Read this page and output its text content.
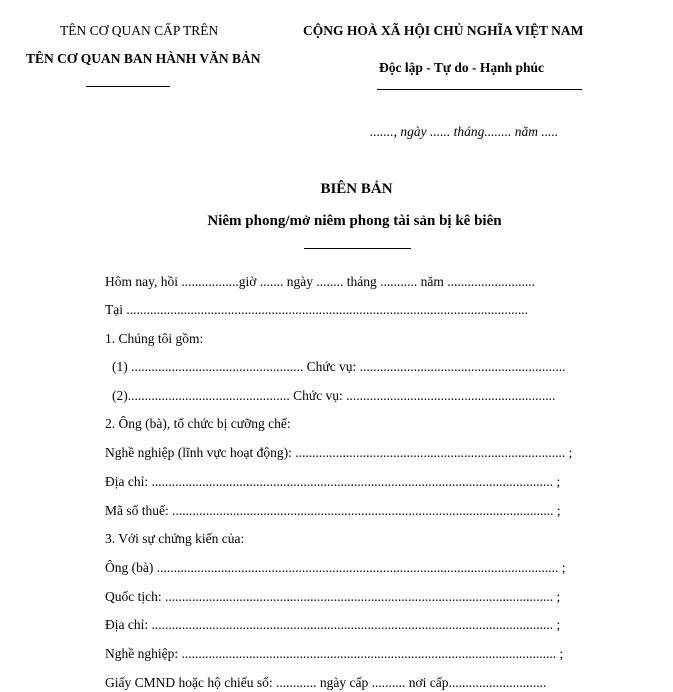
TÊN CƠ QUAN CẤP TRÊN
TÊN CƠ QUAN BAN HÀNH VĂN BẢN
CỘNG HOÀ XÃ HỘI CHỦ NGHĨA VIỆT NAM
Độc lập - Tự do - Hạnh phúc
......., ngày ...... tháng........ năm .....
BIÊN BẢN
Niêm phong/mở niêm phong tài sản bị kê biên
Hôm nay, hồi .................giờ ....... ngày ........ tháng ........... năm ..........................
Tại .......................................................................................................................
1. Chúng tôi gồm:
(1) ................................................... Chức vụ: .............................................................
(2)................................................ Chức vụ: ..............................................................
2. Ông (bà), tổ chức bị cưỡng chế:
Nghề nghiệp (lĩnh vực hoạt động): ................................................................................ ;
Địa chỉ: ....................................................................................................................... ;
Mã số thuế: ................................................................................................................. ;
3. Với sự chứng kiến của:
Ông (bà) ....................................................................................................................... ;
Quốc tịch: ................................................................................................................... ;
Địa chỉ: ....................................................................................................................... ;
Nghề nghiệp: ............................................................................................................... ;
Giấy CMND hoặc hộ chiếu số: ............ ngày cấp .......... nơi cấp.............................
